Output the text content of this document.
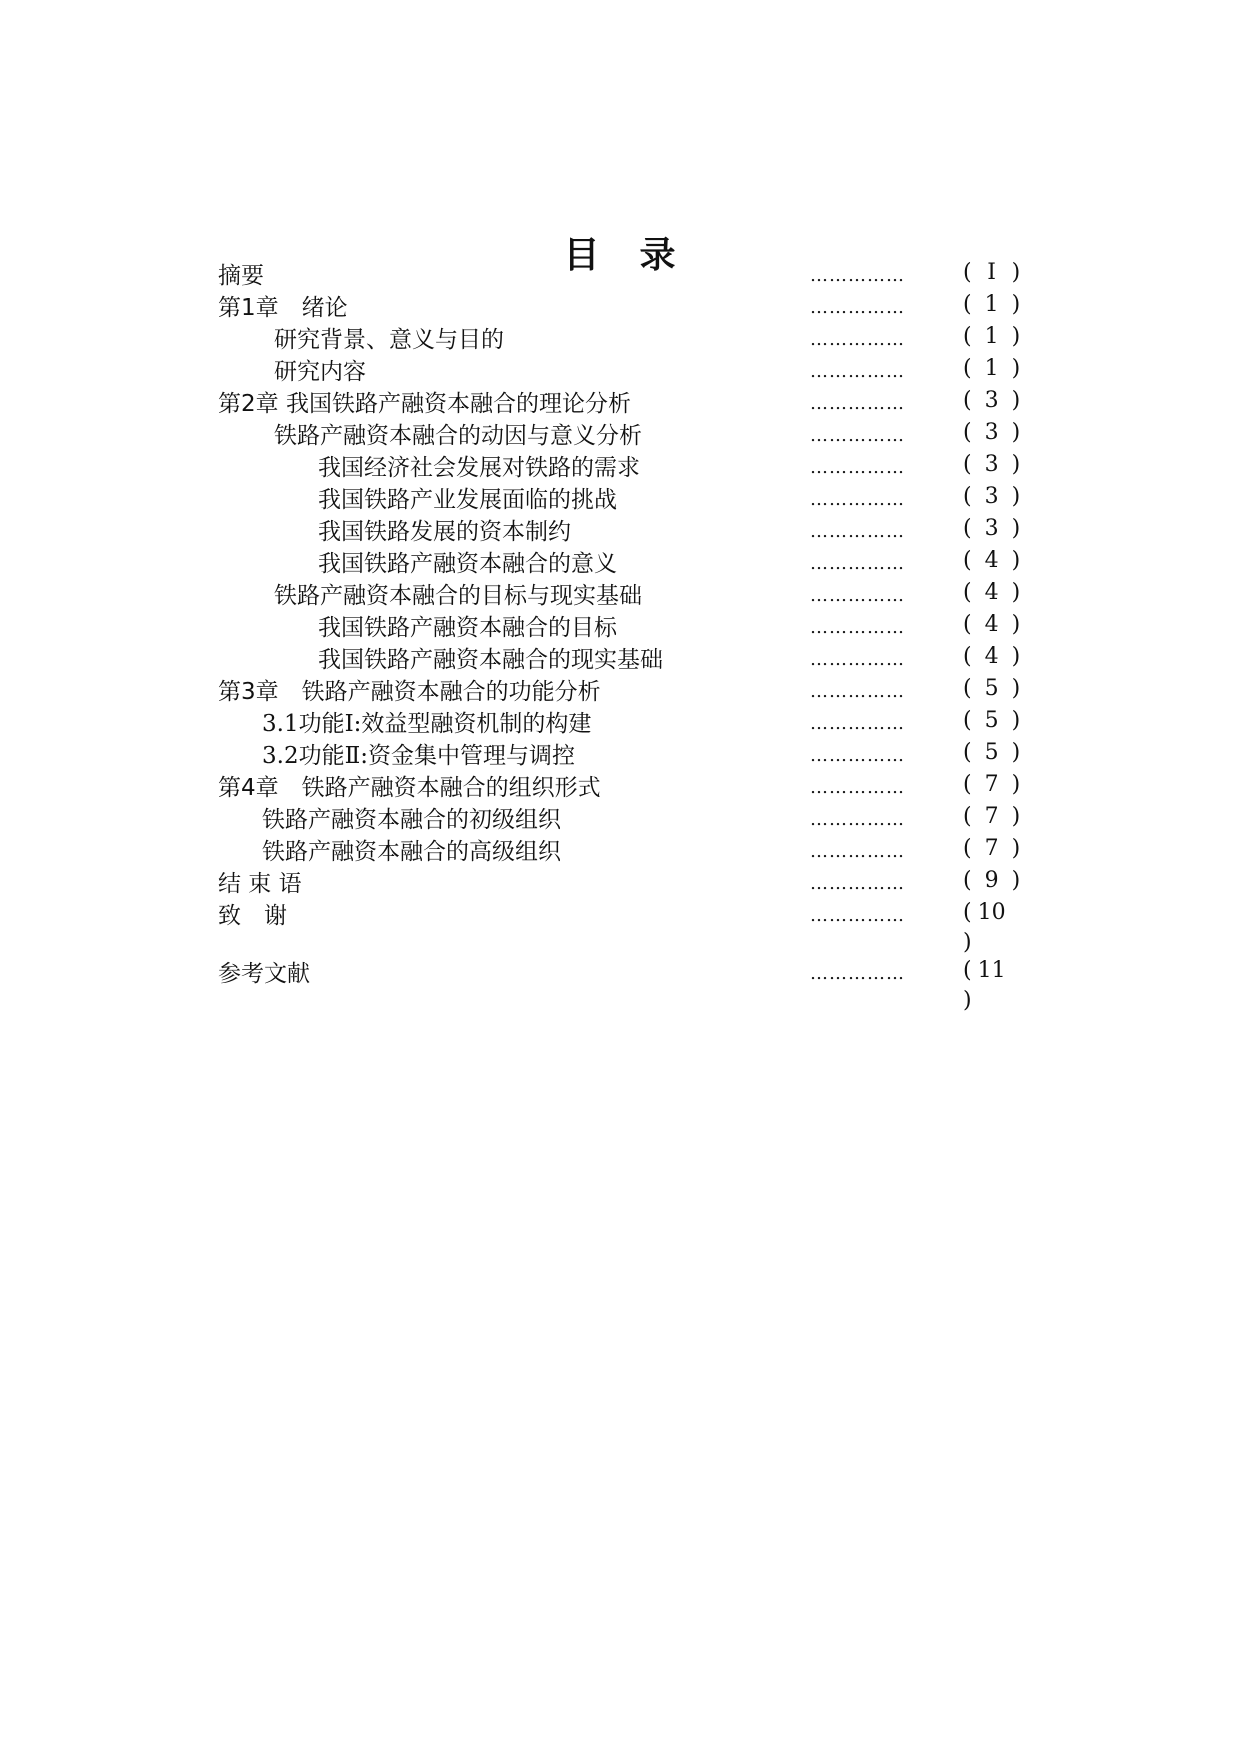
目　录
摘要	……………	( Ⅰ )
第1章　绪论	……………	( 1 )
研究背景、意义与目的	……………	( 1 )
研究内容	……………	( 1 )
第2章 我国铁路产融资本融合的理论分析	……………	( 3 )
铁路产融资本融合的动因与意义分析	……………	( 3 )
我国经济社会发展对铁路的需求	……………	( 3 )
我国铁路产业发展面临的挑战	……………	( 3 )
我国铁路发展的资本制约	……………	( 3 )
我国铁路产融资本融合的意义	……………	( 4 )
铁路产融资本融合的目标与现实基础	……………	( 4 )
我国铁路产融资本融合的目标	……………	( 4 )
我国铁路产融资本融合的现实基础	……………	( 4 )
第3章　铁路产融资本融合的功能分析	……………	( 5 )
3.1功能Ⅰ:效益型融资机制的构建	……………	( 5 )
3.2功能Ⅱ:资金集中管理与调控	……………	( 5 )
第4章　铁路产融资本融合的组织形式	……………	( 7 )
铁路产融资本融合的初级组织	……………	( 7 )
铁路产融资本融合的高级组织	……………	( 7 )
结 束 语	……………	( 9 )
致　谢	……………	( 10
)
参考文献	……………	( 11
)
